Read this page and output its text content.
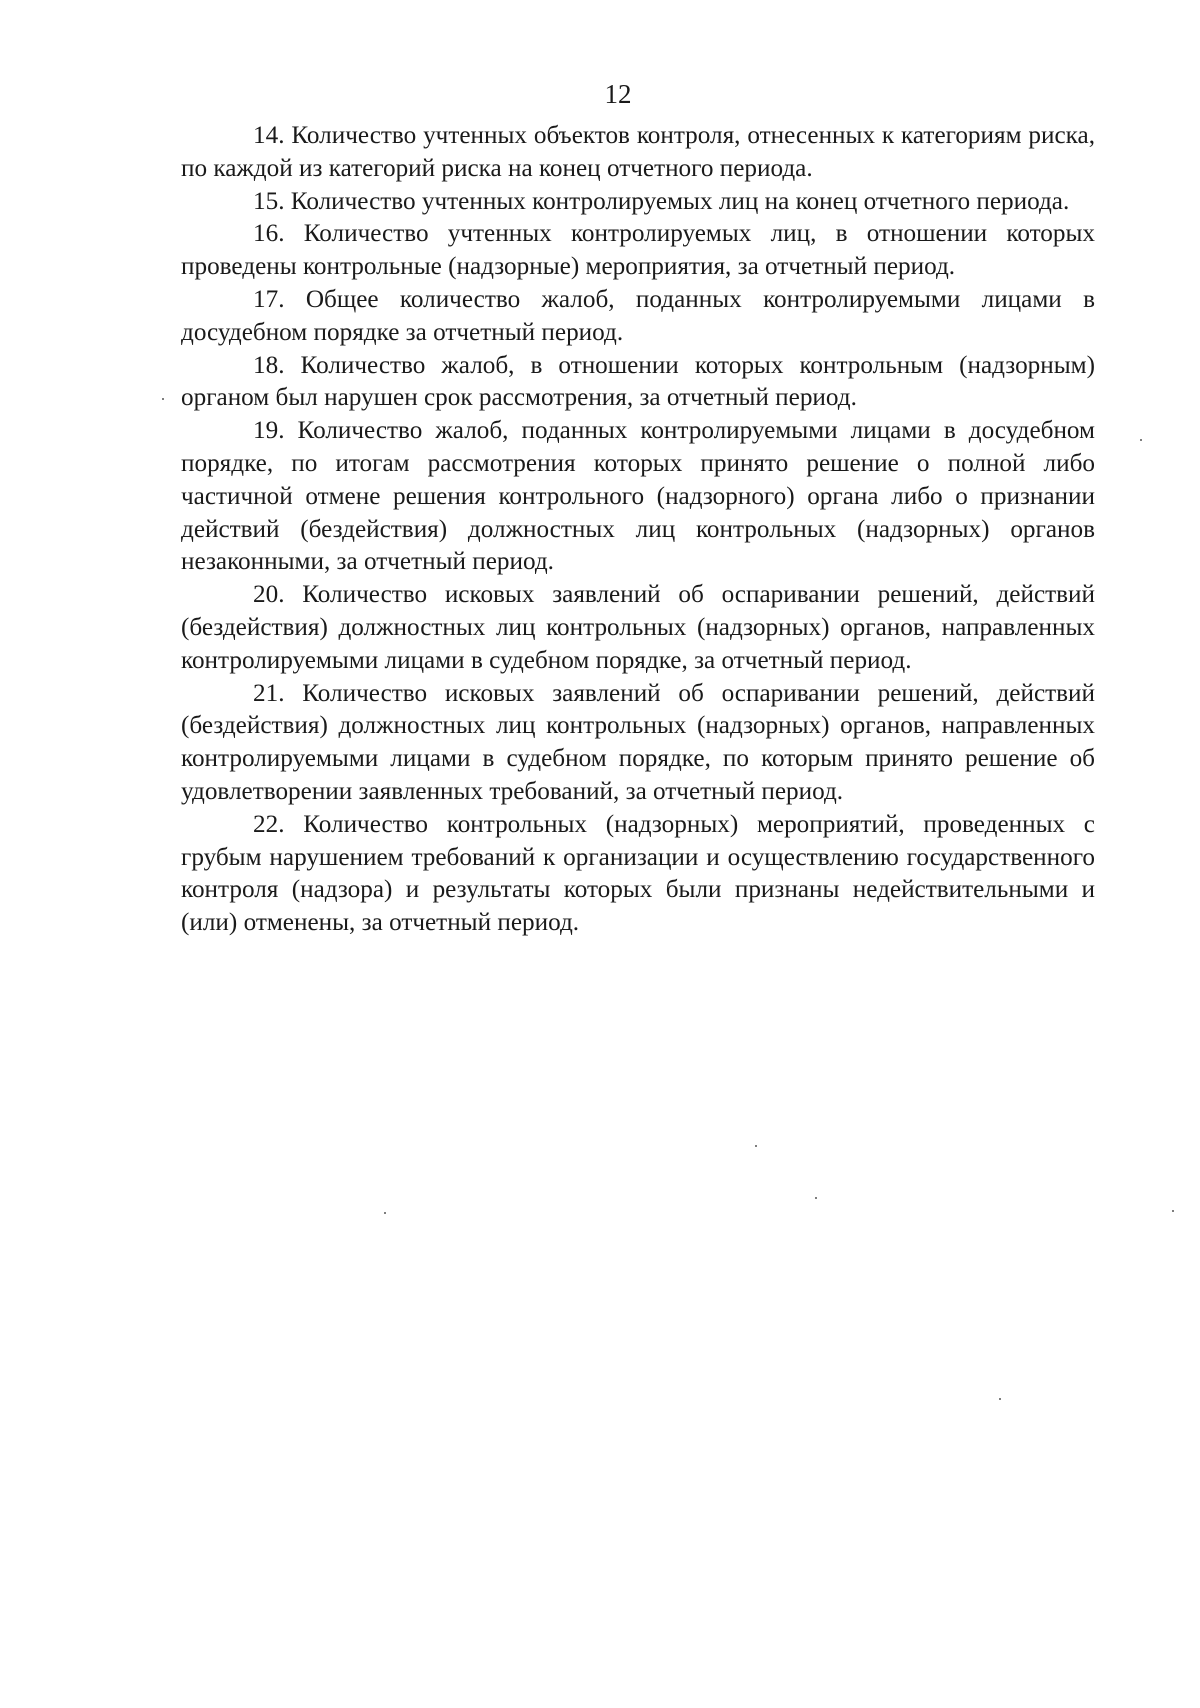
12

14. Количество учтенных объектов контроля, отнесенных к категориям риска, по каждой из категорий риска на конец отчетного периода.

15. Количество учтенных контролируемых лиц на конец отчетного периода.

16. Количество учтенных контролируемых лиц, в отношении которых проведены контрольные (надзорные) мероприятия, за отчетный период.

17. Общее количество жалоб, поданных контролируемыми лицами в досудебном порядке за отчетный период.

18. Количество жалоб, в отношении которых контрольным (надзорным) органом был нарушен срок рассмотрения, за отчетный период.

19. Количество жалоб, поданных контролируемыми лицами в досудебном порядке, по итогам рассмотрения которых принято решение о полной либо частичной отмене решения контрольного (надзорного) органа либо о признании действий (бездействия) должностных лиц контрольных (надзорных) органов незаконными, за отчетный период.

20. Количество исковых заявлений об оспаривании решений, действий (бездействия) должностных лиц контрольных (надзорных) органов, направленных контролируемыми лицами в судебном порядке, за отчетный период.

21. Количество исковых заявлений об оспаривании решений, действий (бездействия) должностных лиц контрольных (надзорных) органов, направленных контролируемыми лицами в судебном порядке, по которым принято решение об удовлетворении заявленных требований, за отчетный период.

22. Количество контрольных (надзорных) мероприятий, проведенных с грубым нарушением требований к организации и осуществлению государственного контроля (надзора) и результаты которых были признаны недействительными и (или) отменены, за отчетный период.
